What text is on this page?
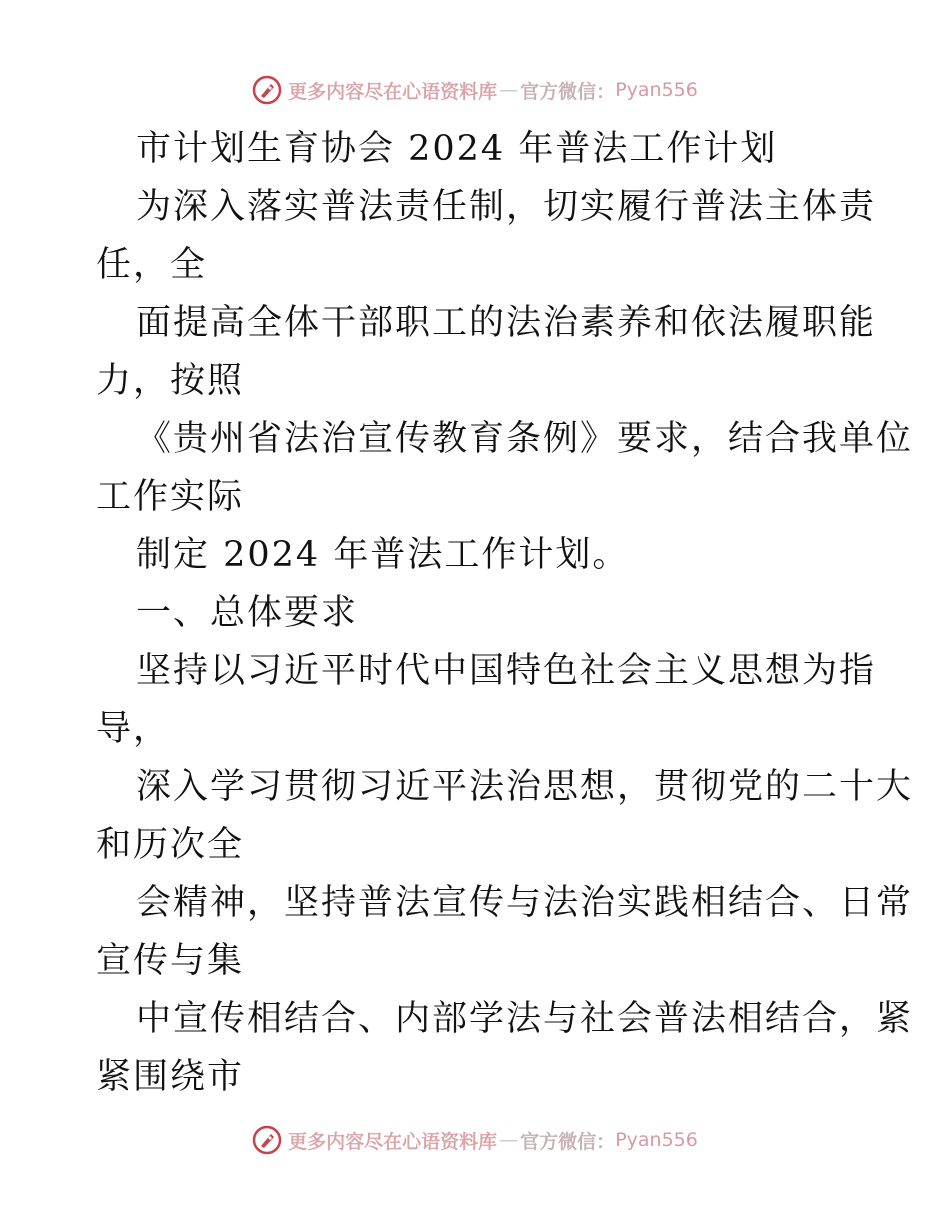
更多内容尽在心语资料库 — 官方微信： Pyan556
市计划生育协会 2024 年普法工作计划
为深入落实普法责任制，切实履行普法主体责
任，全
面提高全体干部职工的法治素养和依法履职能
力，按照
《贵州省法治宣传教育条例》要求，结合我单位
工作实际
制定 2024 年普法工作计划。
一、总体要求
坚持以习近平时代中国特色社会主义思想为指
导，
深入学习贯彻习近平法治思想，贯彻党的二十大
和历次全
会精神，坚持普法宣传与法治实践相结合、日常
宣传与集
中宣传相结合、内部学法与社会普法相结合，紧
紧围绕市
更多内容尽在心语资料库 — 官方微信： Pyan556
